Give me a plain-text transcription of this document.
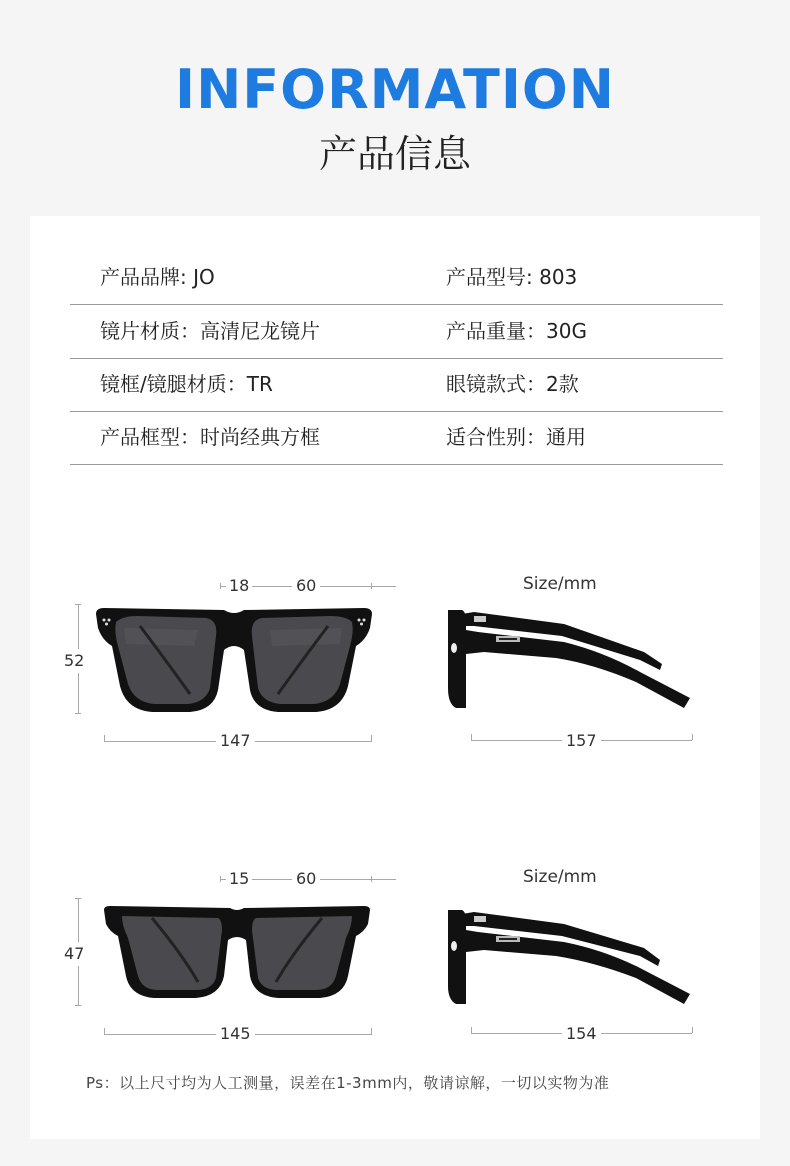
INFORMATION
产品信息
产品品牌: JO	产品型号: 803
镜片材质：高清尼龙镜片	产品重量：30G
镜框/镜腿材质：TR	眼镜款式：2款
产品框型：时尚经典方框	适合性别：通用
18	60
52
147
Size/mm
157
15	60
47
145
Size/mm
154
Ps：以上尺寸均为人工测量，误差在1-3mm内，敬请谅解，一切以实物为准
